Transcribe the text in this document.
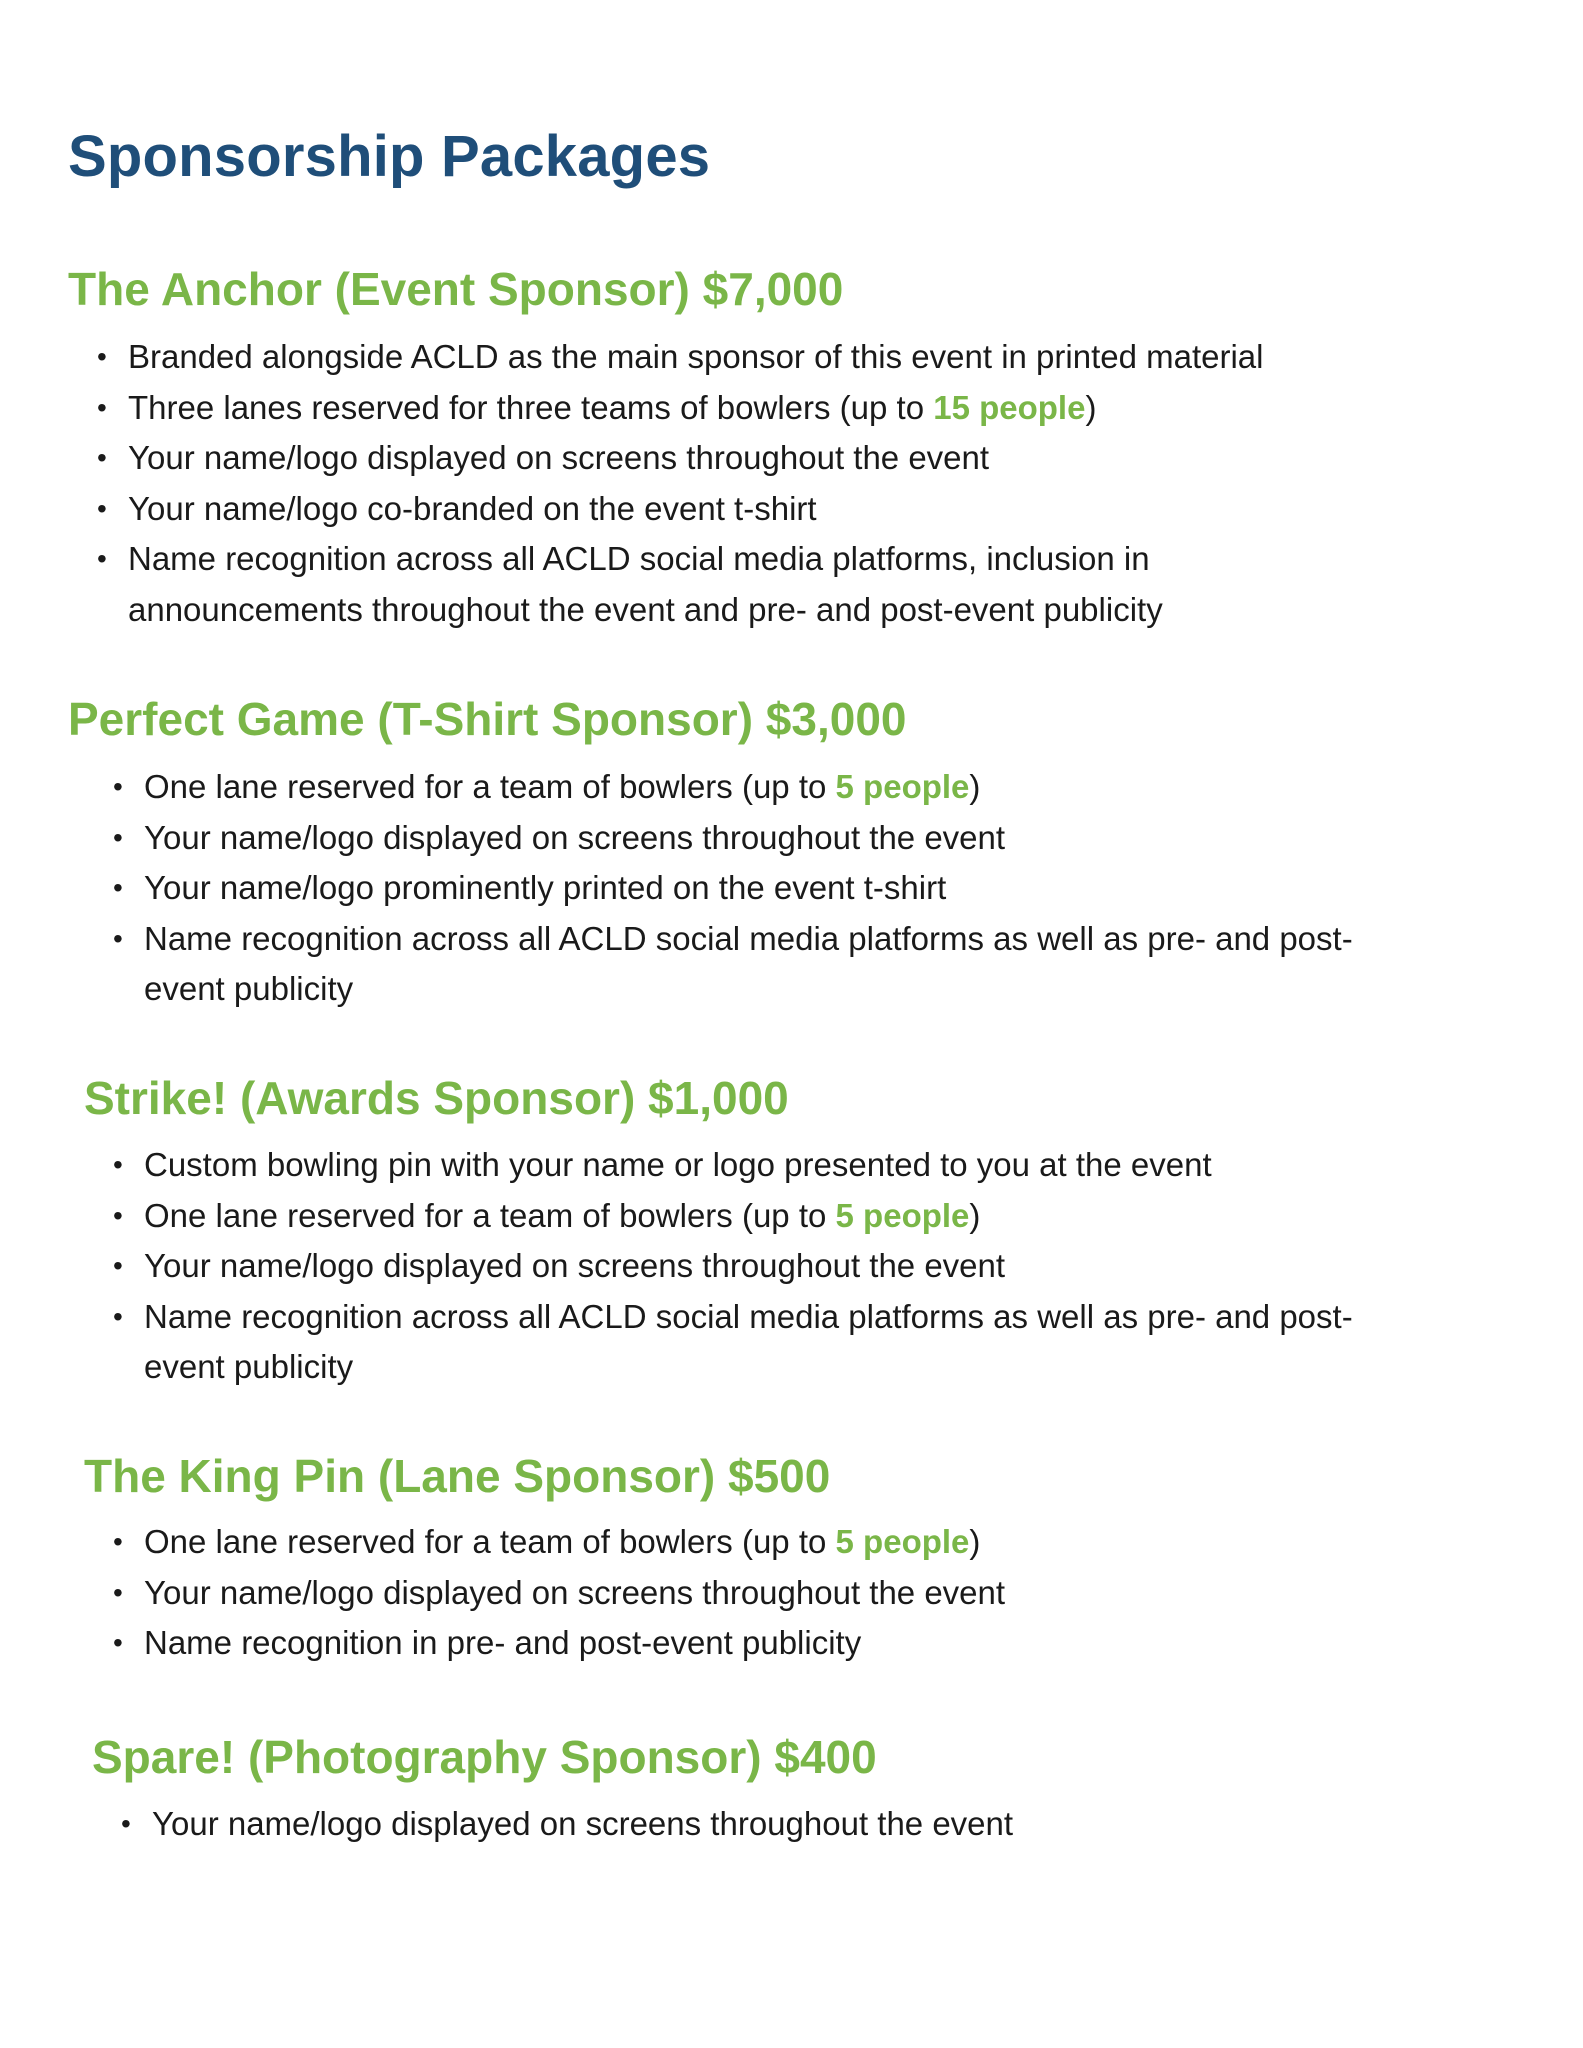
Sponsorship Packages
The Anchor (Event Sponsor) $7,000
• Branded alongside ACLD as the main sponsor of this event in printed material
• Three lanes reserved for three teams of bowlers (up to 15 people)
• Your name/logo displayed on screens throughout the event
• Your name/logo co-branded on the event t-shirt
• Name recognition across all ACLD social media platforms, inclusion in
announcements throughout the event and pre- and post-event publicity
Perfect Game (T-Shirt Sponsor) $3,000
• One lane reserved for a team of bowlers (up to 5 people)
• Your name/logo displayed on screens throughout the event
• Your name/logo prominently printed on the event t-shirt
• Name recognition across all ACLD social media platforms as well as pre- and post-
event publicity
Strike! (Awards Sponsor) $1,000
• Custom bowling pin with your name or logo presented to you at the event
• One lane reserved for a team of bowlers (up to 5 people)
• Your name/logo displayed on screens throughout the event
• Name recognition across all ACLD social media platforms as well as pre- and post-
event publicity
The King Pin (Lane Sponsor) $500
• One lane reserved for a team of bowlers (up to 5 people)
• Your name/logo displayed on screens throughout the event
• Name recognition in pre- and post-event publicity
Spare! (Photography Sponsor) $400
• Your name/logo displayed on screens throughout the event
